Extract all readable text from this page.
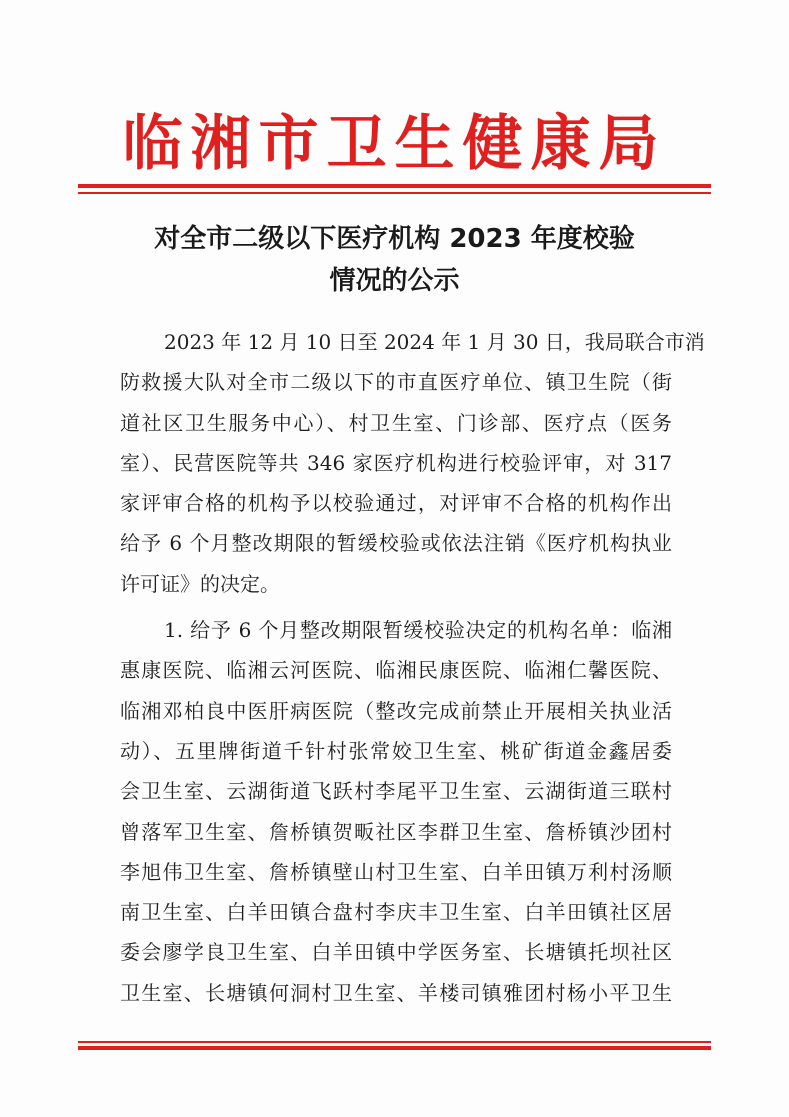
临湘市卫生健康局
对全市二级以下医疗机构 2023 年度校验
情况的公示
2023 年 12 月 10 日至 2024 年 1 月 30 日，我局联合市消
防救援大队对全市二级以下的市直医疗单位、镇卫生院（街
道社区卫生服务中心）、村卫生室、门诊部、医疗点（医务
室）、民营医院等共 346 家医疗机构进行校验评审，对 317
家评审合格的机构予以校验通过，对评审不合格的机构作出
给予 6 个月整改期限的暂缓校验或依法注销《医疗机构执业
许可证》的决定。
1. 给予 6 个月整改期限暂缓校验决定的机构名单：临湘
惠康医院、临湘云河医院、临湘民康医院、临湘仁馨医院、
临湘邓柏良中医肝病医院（整改完成前禁止开展相关执业活
动）、五里牌街道千针村张常姣卫生室、桃矿街道金鑫居委
会卫生室、云湖街道飞跃村李尾平卫生室、云湖街道三联村
曾落军卫生室、詹桥镇贺畈社区李群卫生室、詹桥镇沙团村
李旭伟卫生室、詹桥镇壁山村卫生室、白羊田镇万利村汤顺
南卫生室、白羊田镇合盘村李庆丰卫生室、白羊田镇社区居
委会廖学良卫生室、白羊田镇中学医务室、长塘镇托坝社区
卫生室、长塘镇何洞村卫生室、羊楼司镇雅团村杨小平卫生
